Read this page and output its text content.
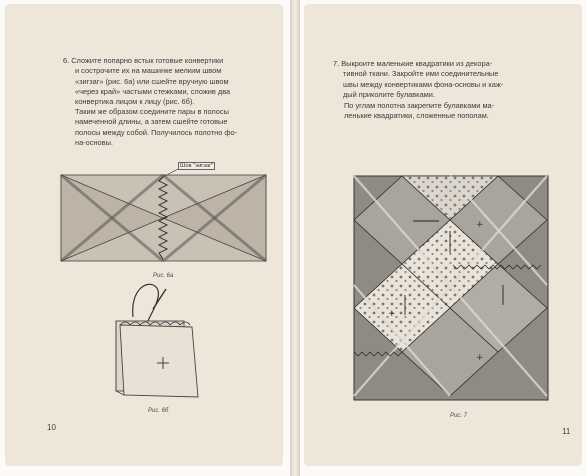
6. Сложите попарно встык готовые конвертики
и сострочите их на машинке мелким швом
«зигзаг» (рис. 6а) или сшейте вручную швом
«через край» частыми стежками, сложив два
конвертика лицом к лицу (рис. 6б).

Таким же образом соедините пары в полосы
намеченной длины, а затем сшейте готовые
полосы между собой. Получилось полотно фо-
на-основы.

Шов "зигзаг"
Рис. 6а
Рис. 6б
10

7. Выкроите маленькие квадратики из декора-
тивной ткани. Закройте ими соединительные
швы между конвертиками фона-основы и каж-
дый приколите булавками.

По углам полотна закрепите булавками ма-
ленькие квадратики, сложенные пополам.

+
+
+
Рис. 7
11
